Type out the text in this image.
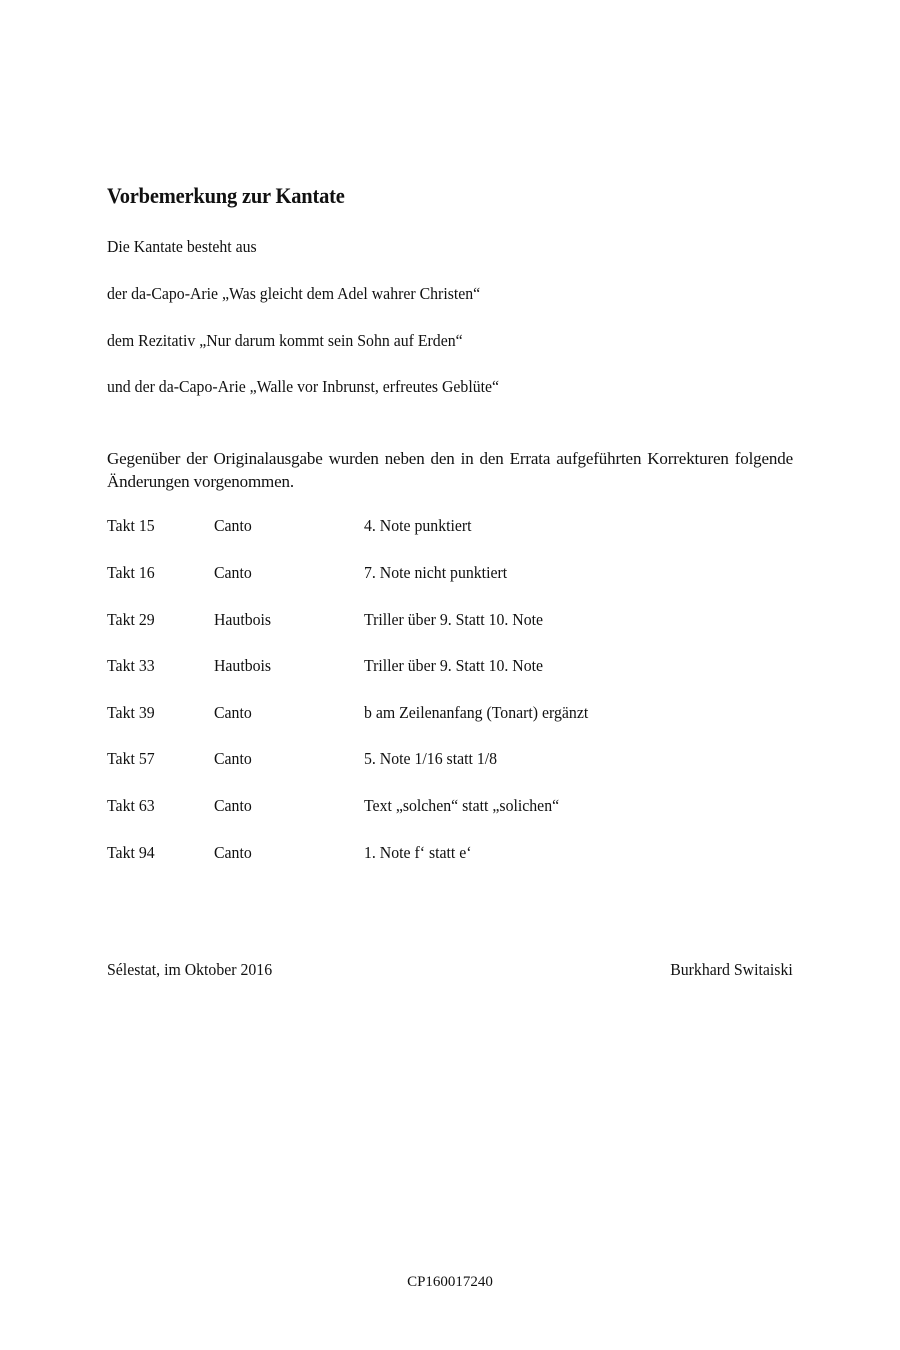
Vorbemerkung zur Kantate
Die Kantate besteht aus
der da-Capo-Arie „Was gleicht dem Adel wahrer Christen“
dem Rezitativ „Nur darum kommt sein Sohn auf Erden“
und der da-Capo-Arie „Walle vor Inbrunst, erfreutes Geblüte“
Gegenüber der Originalausgabe wurden neben den in den Errata aufgeführten Korrekturen folgende Änderungen vorgenommen.
Takt 15	Canto	4. Note punktiert
Takt 16	Canto	7. Note nicht punktiert
Takt 29	Hautbois	Triller über 9. Statt 10. Note
Takt 33	Hautbois	Triller über 9. Statt 10. Note
Takt 39	Canto	b am Zeilenanfang (Tonart) ergänzt
Takt 57	Canto	5. Note 1/16 statt 1/8
Takt 63	Canto	Text „solchen“ statt „solichen“
Takt 94	Canto	1. Note f‘ statt e‘
Sélestat, im Oktober 2016	Burkhard Switaiski
CP160017240
